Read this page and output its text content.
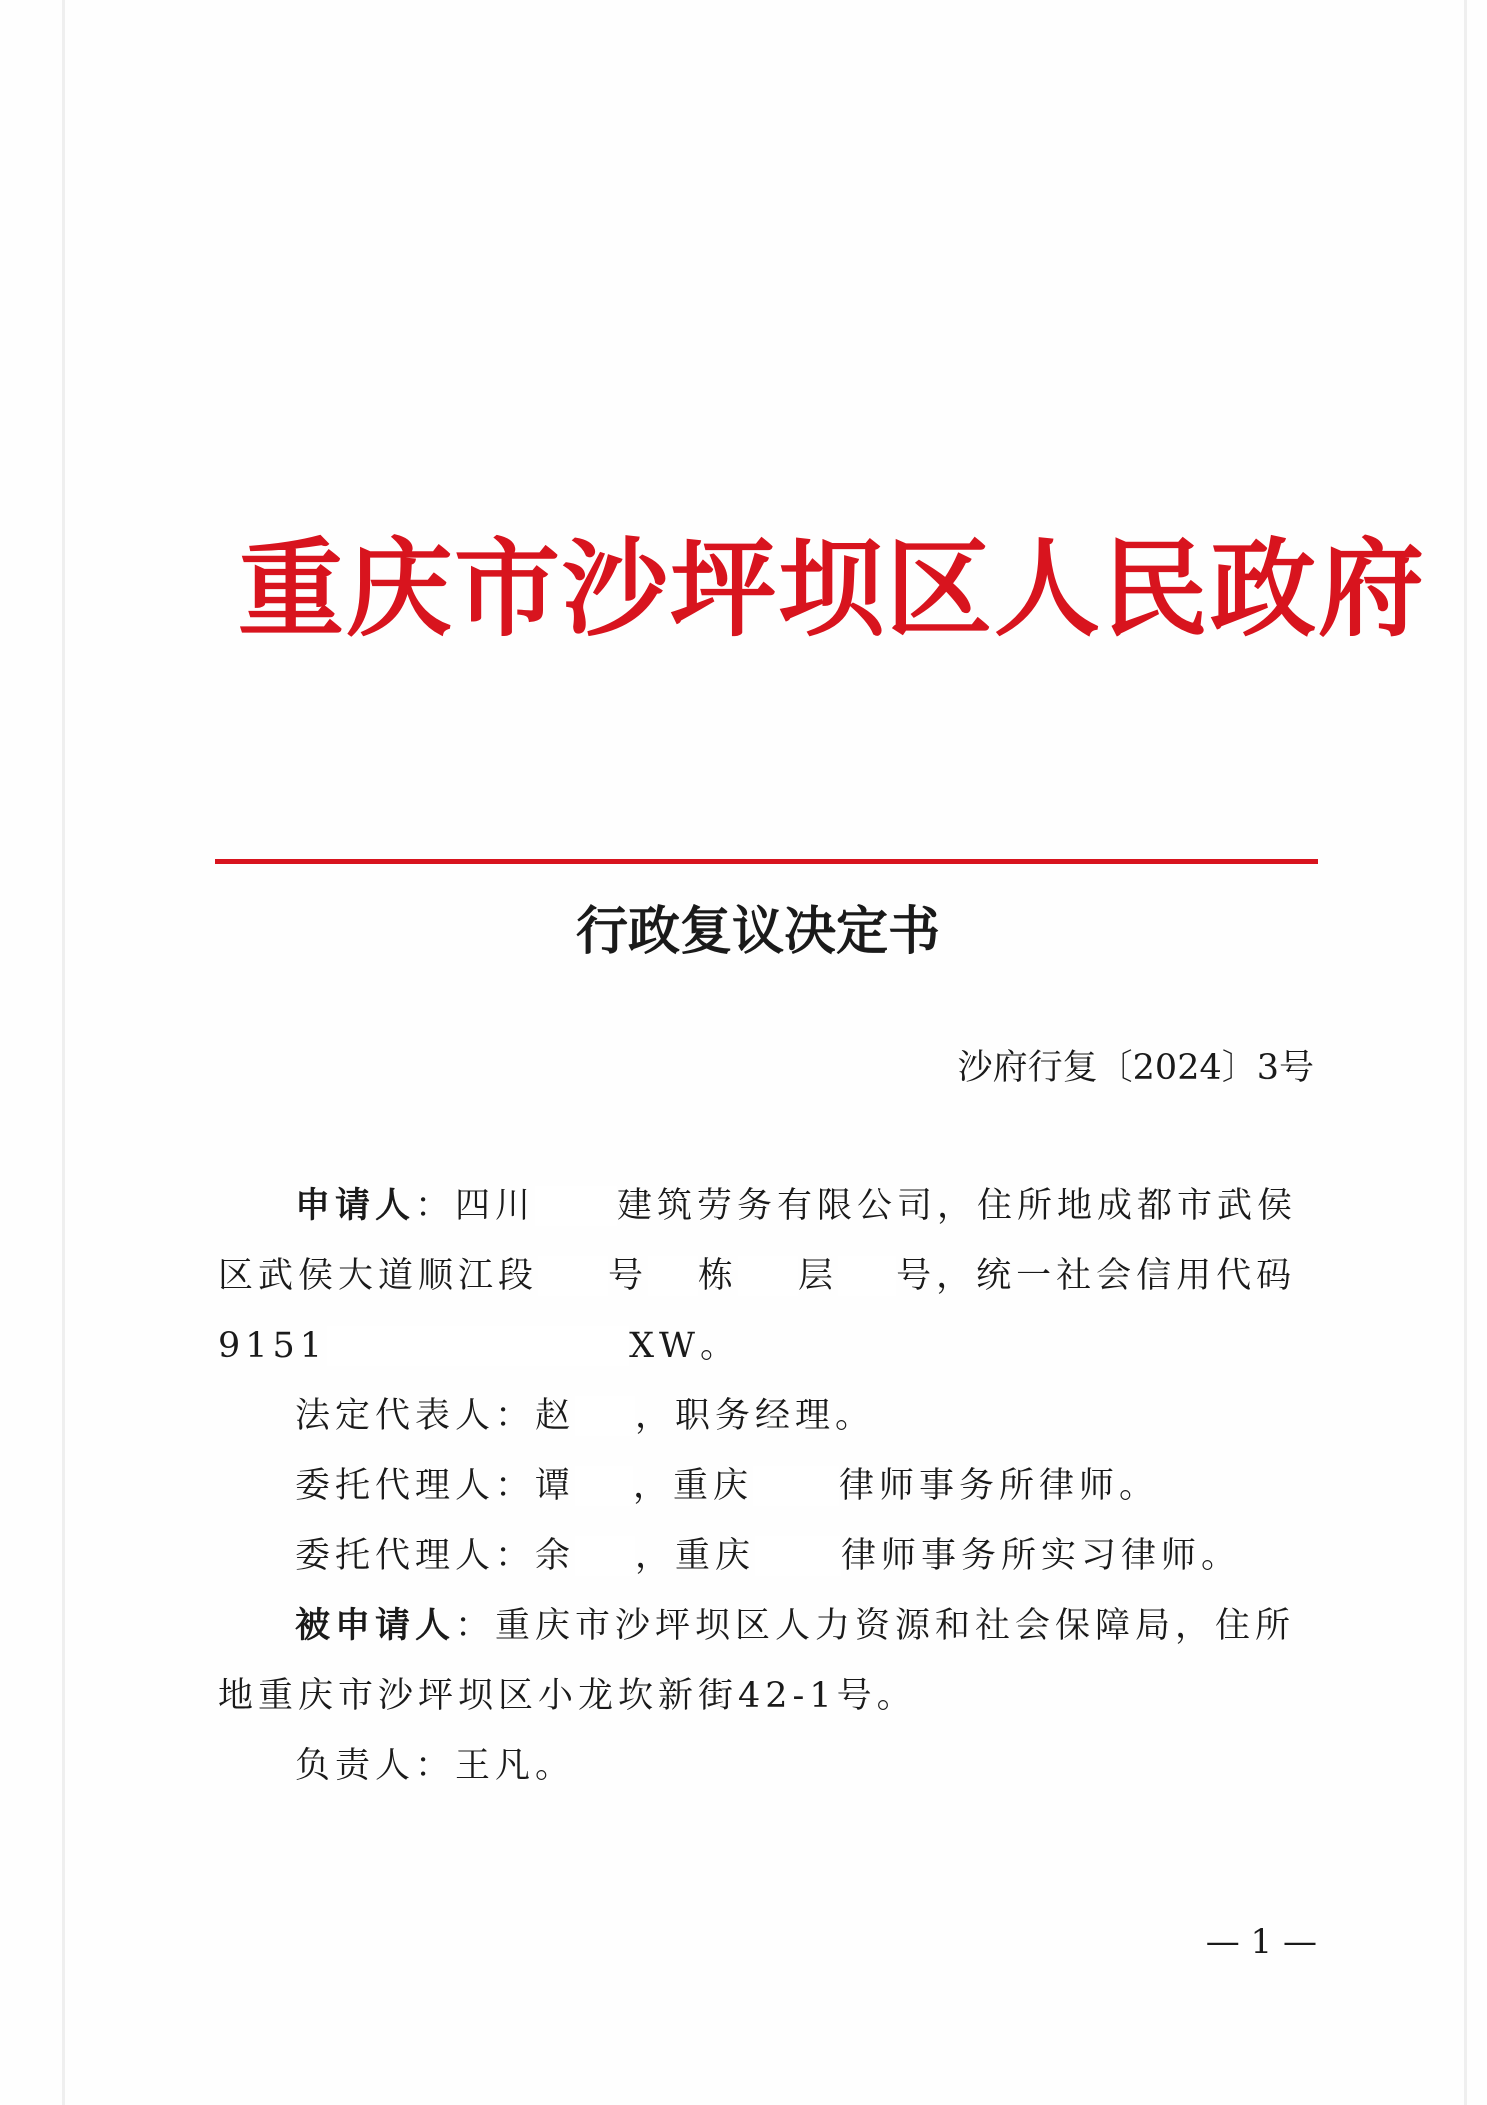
重庆市沙坪坝区人民政府
行政复议决定书
沙府行复〔2024〕3号
申请人：四川 建筑劳务有限公司，住所地成都市武侯
区武侯大道顺江段 号 栋 层 号，统一社会信用代码
9151	XW。
法定代表人：赵 ，职务经理。
委托代理人：谭 ，重庆 律师事务所律师。
委托代理人：余 ，重庆 律师事务所实习律师。
被申请人：重庆市沙坪坝区人力资源和社会保障局，住所
地重庆市沙坪坝区小龙坎新街42-1号。
负责人：王凡。
— 1 —
